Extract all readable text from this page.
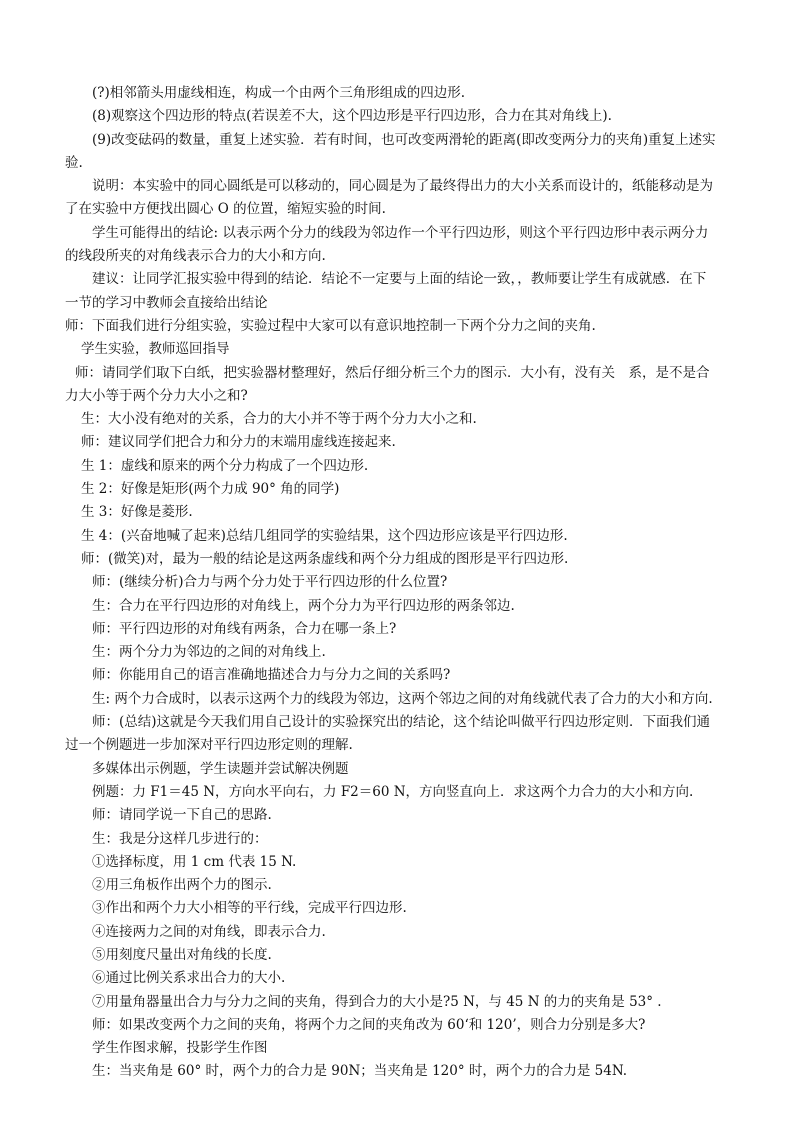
(?)相邻箭头用虚线相连，构成一个由两个三角形组成的四边形.
(8)观察这个四边形的特点(若误差不大，这个四边形是平行四边形，合力在其对角线上).
(9)改变砝码的数量，重复上述实验．若有时间，也可改变两滑轮的距离(即改变两分力的夹角)重复上述实
验.
说明：本实验中的同心圆纸是可以移动的，同心圆是为了最终得出力的大小关系而设计的，纸能移动是为
了在实验中方便找出圆心 O 的位置，缩短实验的时间.
学生可能得出的结论: 以表示两个分力的线段为邻边作一个平行四边形，则这个平行四边形中表示两分力
的线段所夹的对角线表示合力的大小和方向.
建议：让同学汇报实验中得到的结论．结论不一定要与上面的结论一致，，教师要让学生有成就感．在下
一节的学习中教师会直接给出结论
师：下面我们进行分组实验，实验过程中大家可以有意识地控制一下两个分力之间的夹角.
学生实验，教师巡回指导
师：请同学们取下白纸，把实验器材整理好，然后仔细分析三个力的图示．大小有，没有关　系，是不是合
力大小等于两个分力大小之和?
生：大小没有绝对的关系，合力的大小并不等于两个分力大小之和.
师：建议同学们把合力和分力的末端用虚线连接起来.
生 1：虚线和原来的两个分力构成了一个四边形.
生 2：好像是矩形(两个力成 90° 角的同学)
生 3：好像是菱形.
生 4：(兴奋地喊了起来)总结几组同学的实验结果，这个四边形应该是平行四边形.
师：(微笑)对，最为一般的结论是这两条虚线和两个分力组成的图形是平行四边形.
师：(继续分析)合力与两个分力处于平行四边形的什么位置?
生：合力在平行四边形的对角线上，两个分力为平行四边形的两条邻边.
师：平行四边形的对角线有两条，合力在哪一条上?
生：两个分力为邻边的之间的对角线上.
师：你能用自己的语言准确地描述合力与分力之间的关系吗?
生: 两个力合成时，以表示这两个力的线段为邻边，这两个邻边之间的对角线就代表了合力的大小和方向.
师：(总结)这就是今天我们用自己设计的实验探究出的结论，这个结论叫做平行四边形定则．下面我们通
过一个例题进一步加深对平行四边形定则的理解.
多媒体出示例题，学生读题并尝试解决例题
例题：力 F1＝45 N，方向水平向右，力 F2＝60 N，方向竖直向上．求这两个力合力的大小和方向.
师：请同学说一下自己的思路.
生：我是分这样几步进行的：
①选择标度，用 1 cm 代表 15 N.
②用三角板作出两个力的图示.
③作出和两个力大小相等的平行线，完成平行四边形.
④连接两力之间的对角线，即表示合力.
⑤用刻度尺量出对角线的长度.
⑥通过比例关系求出合力的大小.
⑦用量角器量出合力与分力之间的夹角，得到合力的大小是?5 N，与 45 N 的力的夹角是 53° .
师：如果改变两个力之间的夹角，将两个力之间的夹角改为 60‘和 120’，则合力分别是多大?
学生作图求解，投影学生作图
生：当夹角是 60° 时，两个力的合力是 90N；当夹角是 120° 时，两个力的合力是 54N.
